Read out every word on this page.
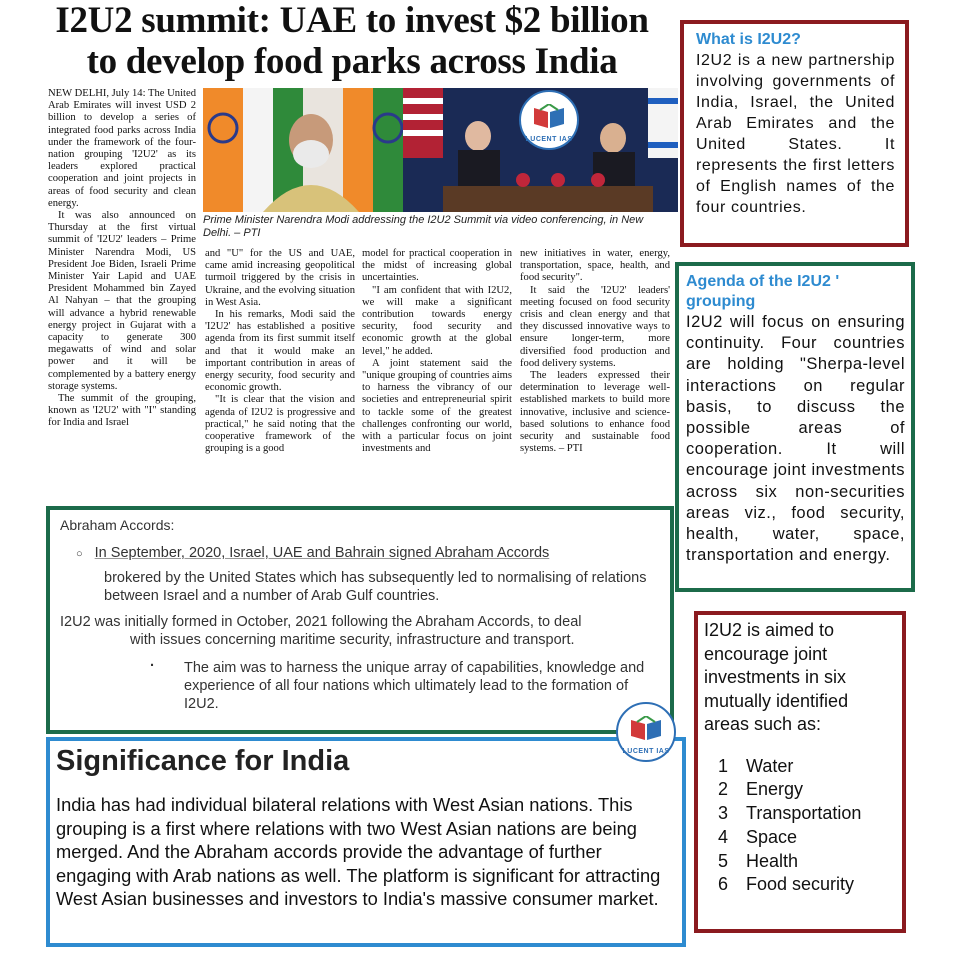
I2U2 summit: UAE to invest $2 billion
to develop food parks across India
LUCENT IAS
Prime Minister Narendra Modi addressing the I2U2 Summit via video conferencing, in New Delhi. – PTI

NEW DELHI, July 14: The United Arab Emirates will invest USD 2 billion to develop a series of integrated food parks across India under the framework of the four-nation grouping 'I2U2' as its leaders explored practical cooperation and joint projects in areas of food security and clean energy.

It was also announced on Thursday at the first virtual summit of 'I2U2' leaders – Prime Minister Narendra Modi, US President Joe Biden, Israeli Prime Minister Yair Lapid and UAE President Mohammed bin Zayed Al Nahyan – that the grouping will advance a hybrid renewable energy project in Gujarat with a capacity to generate 300 megawatts of wind and solar power and it will be complemented by a battery energy storage systems.

The summit of the grouping, known as 'I2U2' with "I" standing for India and Israel

and "U" for the US and UAE, came amid increasing geopolitical turmoil triggered by the crisis in Ukraine, and the evolving situation in West Asia.

In his remarks, Modi said the 'I2U2' has established a positive agenda from its first summit itself and that it would make an important contribution in areas of energy security, food security and economic growth.

"It is clear that the vision and agenda of I2U2 is progressive and practical," he said noting that the cooperative framework of the grouping is a good

model for practical cooperation in the midst of increasing global uncertainties.

"I am confident that with I2U2, we will make a significant contribution towards energy security, food security and economic growth at the global level," he added.

A joint statement said the "unique grouping of countries aims to harness the vibrancy of our societies and entrepreneurial spirit to tackle some of the greatest challenges confronting our world, with a particular focus on joint investments and

new initiatives in water, energy, transportation, space, health, and food security".

It said the 'I2U2' leaders' meeting focused on food security crisis and clean energy and that they discussed innovative ways to ensure longer-term, more diversified food production and food delivery systems.

The leaders expressed their determination to leverage well-established markets to build more innovative, inclusive and science-based solutions to enhance food security and sustainable food systems. – PTI

What is I2U2?
I2U2 is a new partnership involving governments of India, Israel, the United Arab Emirates and the United States. It represents the first letters of English names of the four countries.
Agenda of the I2U2 ' grouping
I2U2 will focus on ensuring continuity. Four countries are holding "Sherpa-level interactions on regular basis, to discuss the possible areas of cooperation. It will encourage joint investments across six non-securities areas viz., food security, health, water, space, transportation and energy.
I2U2 is aimed to encourage joint investments in six mutually identified areas such as:
1 Water
2 Energy
3 Transportation
4 Space
5 Health
6 Food security
Abraham Accords:
○ In September, 2020, Israel, UAE and Bahrain signed Abraham Accords
brokered by the United States which has subsequently led to normalising of relations between Israel and a number of Arab Gulf countries.
I2U2 was initially formed in October, 2021 following the Abraham Accords, to deal
with issues concerning maritime security, infrastructure and transport.
·	The aim was to harness the unique array of capabilities, knowledge and experience of all four nations which ultimately lead to the formation of I2U2.
Significance for India
India has had individual bilateral relations with West Asian nations. This grouping is a first where relations with two West Asian nations are being merged. And the Abraham accords provide the advantage of further engaging with Arab nations as well. The platform is significant for attracting West Asian businesses and investors to India's massive consumer market.
LUCENT IAS
